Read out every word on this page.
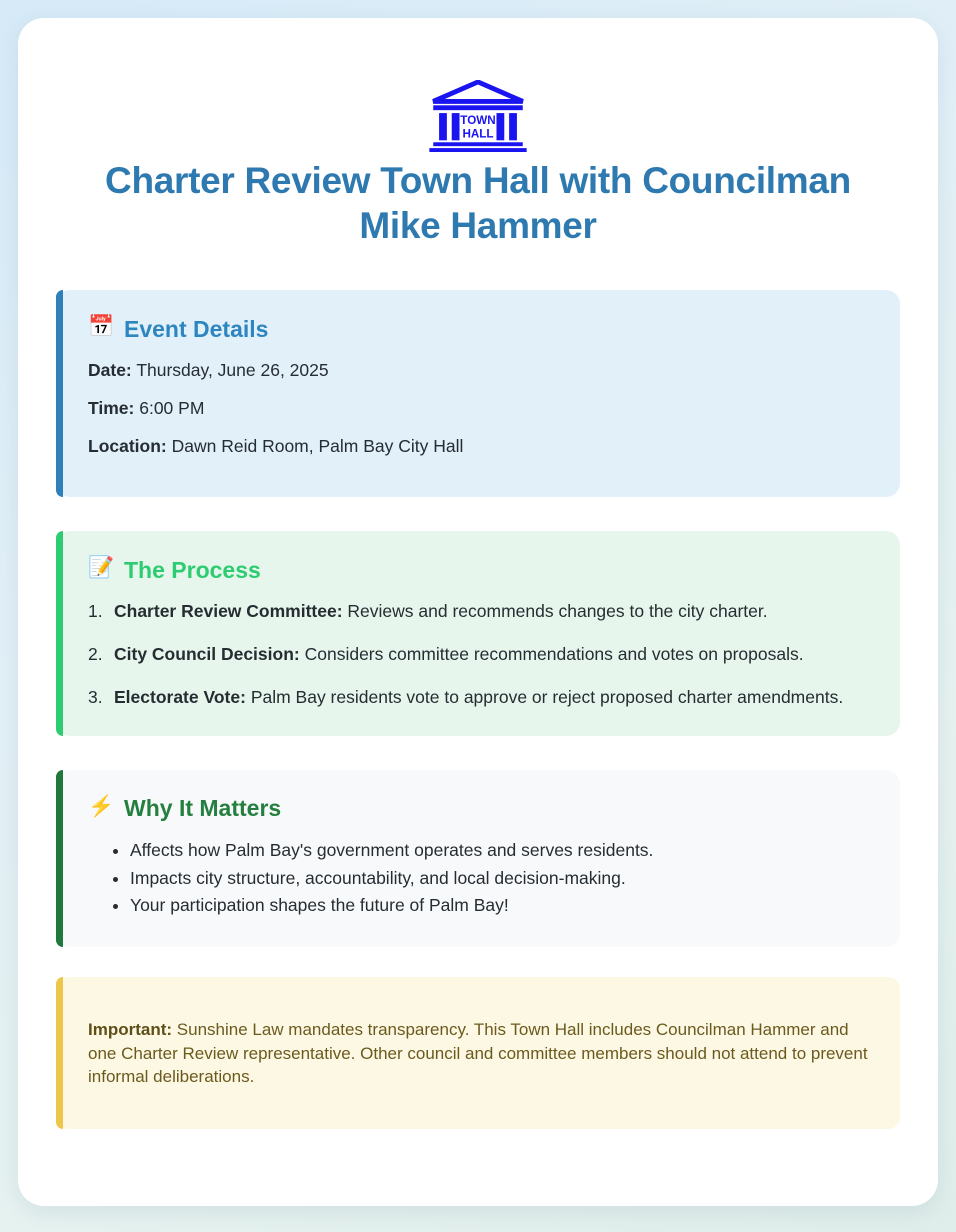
TOWN
HALL
Charter Review Town Hall with Councilman Mike Hammer
📅 Event Details

Date: Thursday, June 26, 2025

Time: 6:00 PM

Location: Dawn Reid Room, Palm Bay City Hall

📝 The Process

1. Charter Review Committee: Reviews and recommends changes to the city charter.

2. City Council Decision: Considers committee recommendations and votes on proposals.

3. Electorate Vote: Palm Bay residents vote to approve or reject proposed charter amendments.

⚡ Why It Matters
• Affects how Palm Bay's government operates and serves residents.
• Impacts city structure, accountability, and local decision-making.
• Your participation shapes the future of Palm Bay!

Important: Sunshine Law mandates transparency. This Town Hall includes Councilman Hammer and one Charter Review representative. Other council and committee members should not attend to prevent informal deliberations.
